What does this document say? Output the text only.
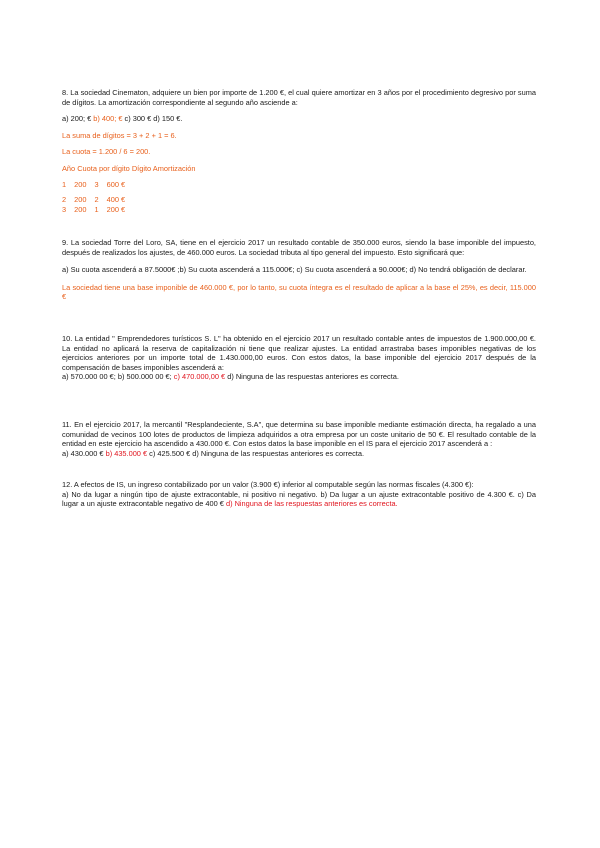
8. La sociedad Cinematon, adquiere un bien por importe de 1.200 €, el cual quiere amortizar en 3 años por el procedimiento degresivo por suma de dígitos. La amortización correspondiente al segundo año asciende a:

a) 200; € b) 400; € c) 300 € d) 150 €.

La suma de dígitos = 3 + 2 + 1 = 6.

La cuota = 1.200 / 6 = 200.

Año Cuota por dígito Dígito Amortización

1	200	3	600 €

2	200	2	400 €
3	200	1	200 €

9. La sociedad Torre del Loro, SA, tiene en el ejercicio 2017 un resultado contable de 350.000 euros, siendo la base imponible del impuesto, después de realizados los ajustes, de 460.000 euros. La sociedad tributa al tipo general del impuesto. Esto significará que:

a) Su cuota ascenderá a 87.5000€ ;b) Su cuota ascenderá a 115.000€; c) Su cuota ascenderá a 90.000€; d) No tendrá obligación de declarar.

La sociedad tiene una base imponible de 460.000 €, por lo tanto, su cuota íntegra es el resultado de aplicar a la base el 25%, es decir, 115.000 €

10. La entidad " Emprendedores turísticos S. L" ha obtenido en el ejercicio 2017 un resultado contable antes de impuestos de 1.900.000,00 €. La entidad no aplicará la reserva de capitalización ni tiene que realizar ajustes. La entidad arrastraba bases imponibles negativas de los ejercicios anteriores por un importe total de 1.430.000,00 euros. Con estos datos, la base imponible del ejercicio 2017 después de la compensación de bases imponibles ascenderá a:

a) 570.000 00 €; b) 500.000 00 €; c) 470.000,00 € d) Ninguna de las respuestas anteriores es correcta.

11. En el ejercicio 2017, la mercantil "Resplandeciente, S.A", que determina su base imponible mediante estimación directa, ha regalado a una comunidad de vecinos 100 lotes de productos de limpieza adquiridos a otra empresa por un coste unitario de 50 €. El resultado contable de la entidad en este ejercicio ha ascendido a 430.000 €. Con estos datos la base imponible en el IS para el ejercicio 2017 ascenderá a :

a) 430.000 € b) 435.000 € c) 425.500 € d) Ninguna de las respuestas anteriores es correcta.

12. A efectos de IS, un ingreso contabilizado por un valor (3.900 €) inferior al computable según las normas fiscales (4.300 €):

a) No da lugar a ningún tipo de ajuste extracontable, ni positivo ni negativo. b) Da lugar a un ajuste extracontable positivo de 4.300 €. c) Da lugar a un ajuste extracontable negativo de 400 € d) Ninguna de las respuestas anteriores es correcta.
